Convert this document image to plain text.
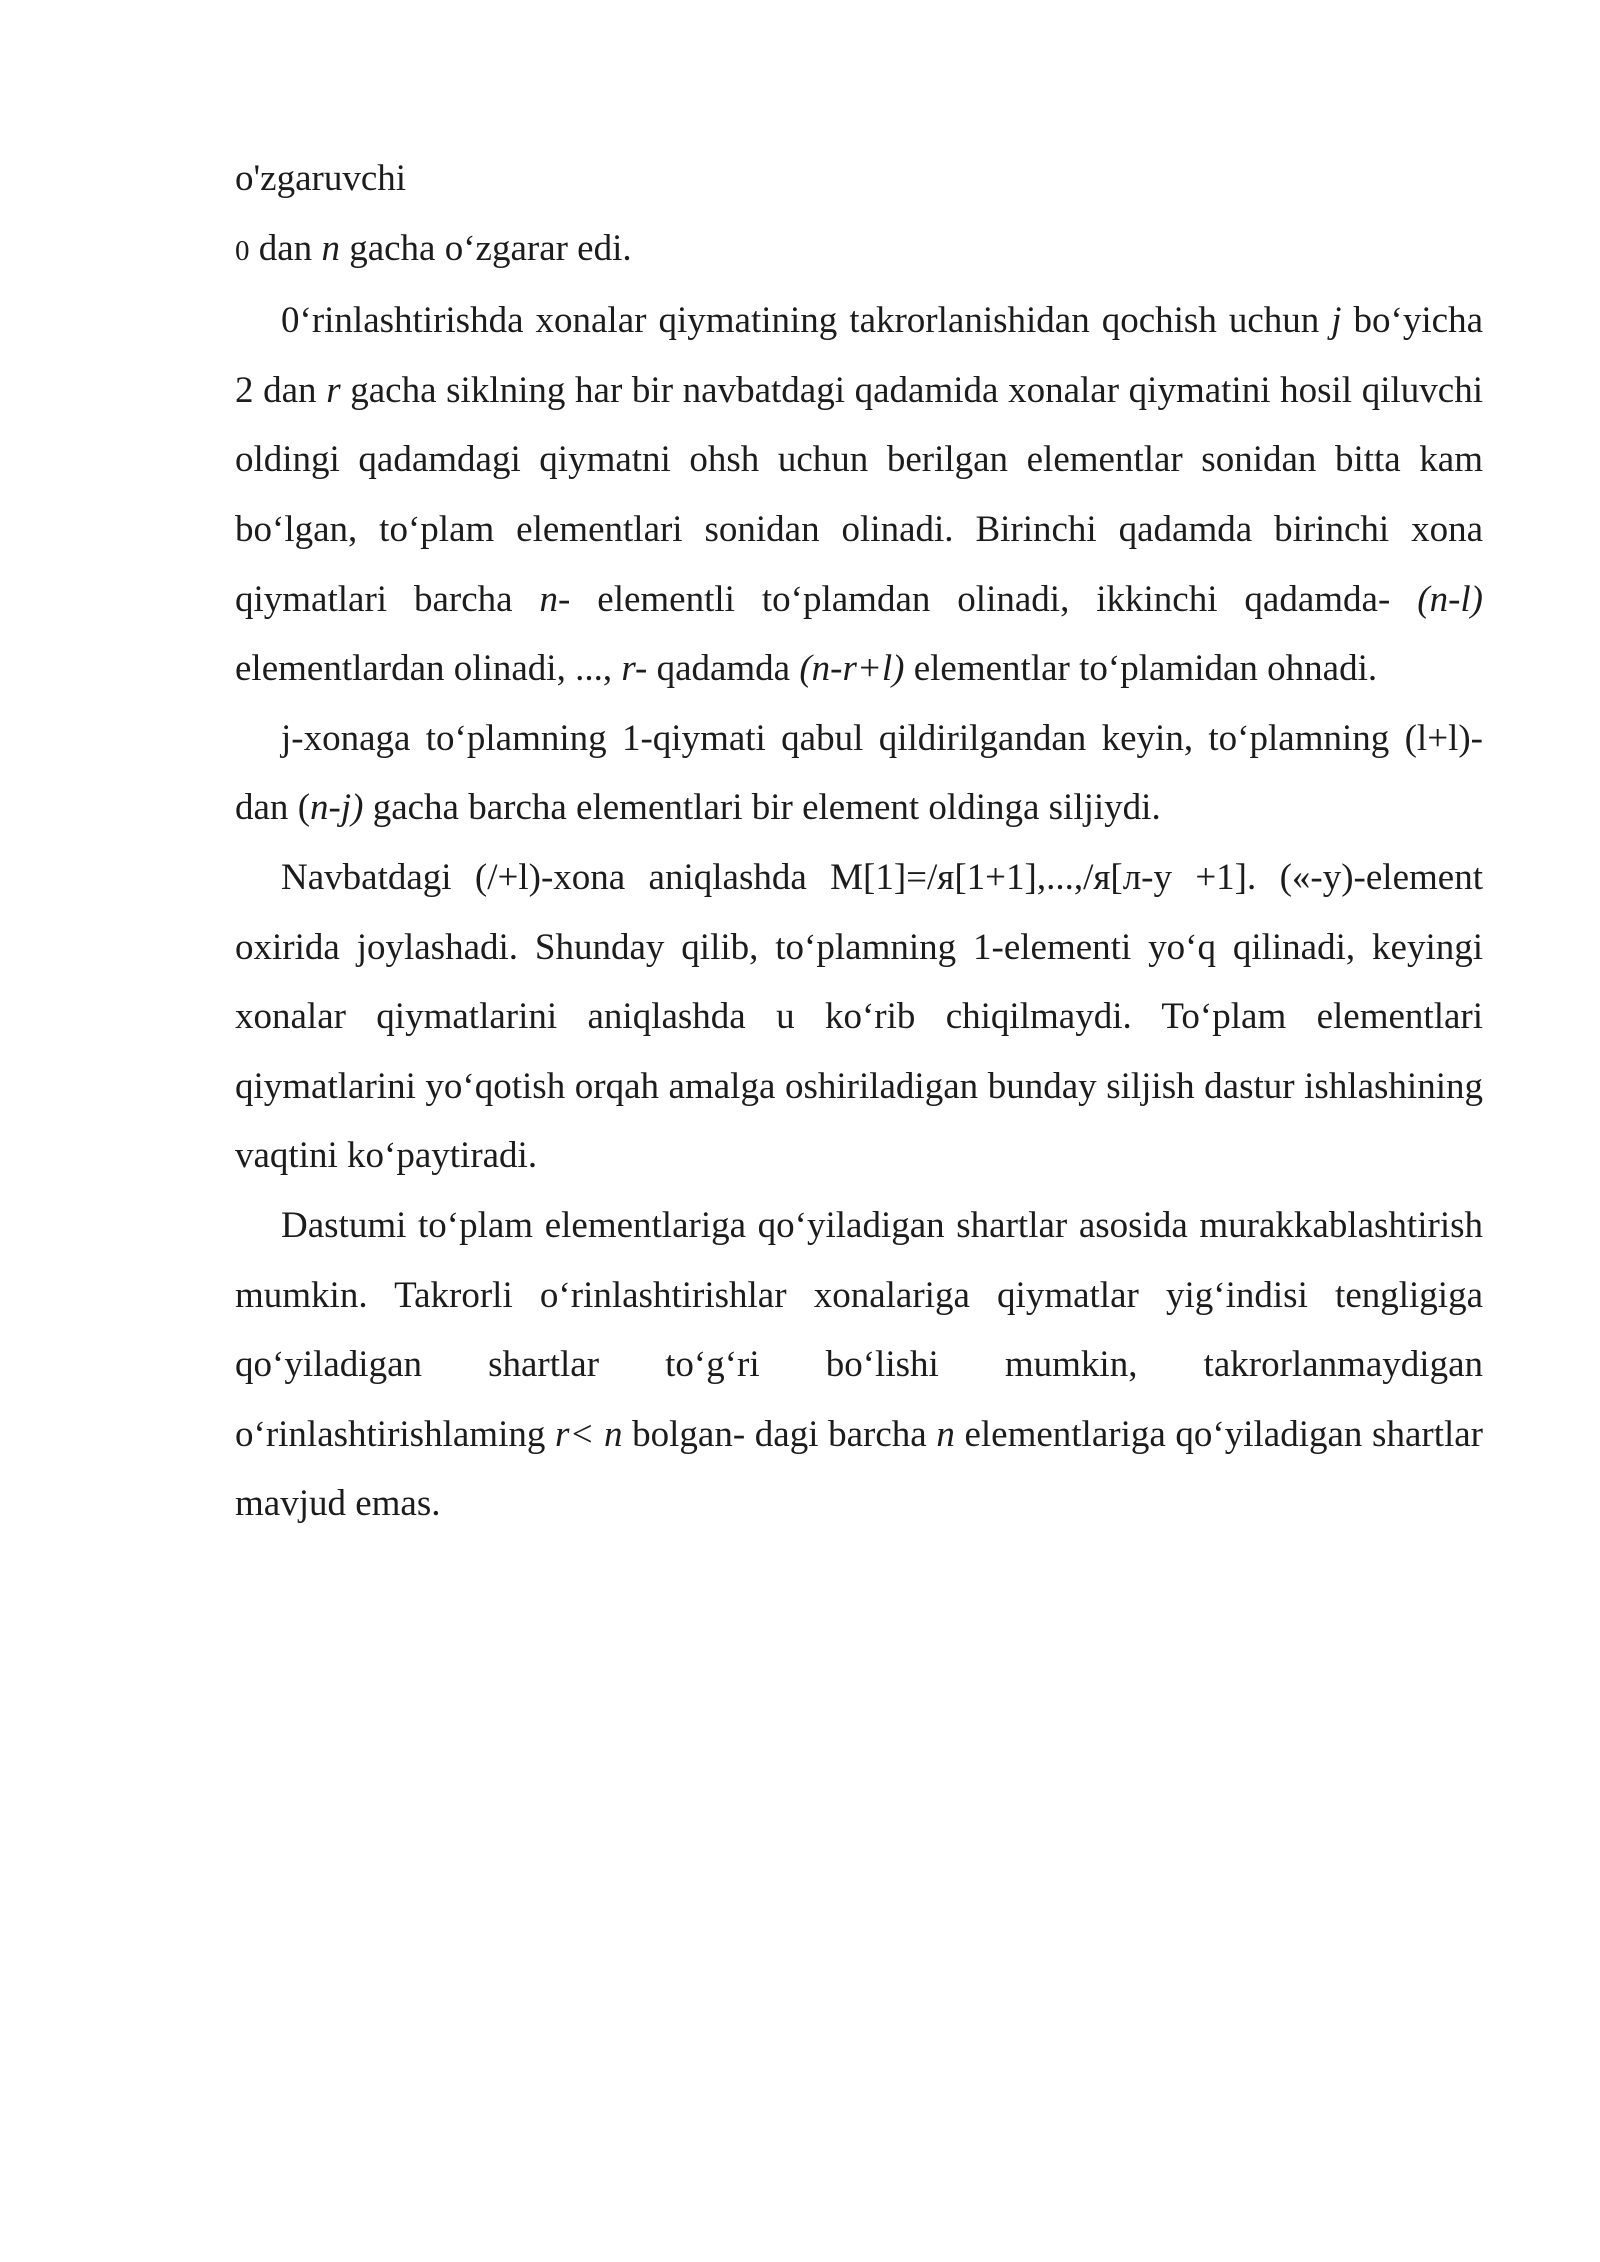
o'zgaruvchi

0 dan n gacha o‘zgarar edi.

0‘rinlashtirishda xonalar qiymatining takrorlanishidan qochish uchun j bo‘yicha 2 dan r gacha siklning har bir navbatdagi qadamida xonalar qiymatini hosil qiluvchi oldingi qadamdagi qiymatni ohsh uchun berilgan elementlar sonidan bitta kam bo‘lgan, to‘plam elementlari sonidan olinadi. Birinchi qadamda birinchi xona qiymatlari barcha n- elementli to‘plamdan olinadi, ikkinchi qadamda- (n-l) elementlardan olinadi, ..., r- qadamda (n-r+l) elementlar to‘plamidan ohnadi.

j-xonaga to‘plamning 1-qiymati qabul qildirilgandan keyin, to‘plamning (l+l)-dan (n-j) gacha barcha elementlari bir element oldinga siljiydi.

Navbatdagi (/+l)-xona aniqlashda M[1]=/я[1+1],...,/я[л-у +1]. («-у)-element oxirida joylashadi. Shunday qilib, to‘plamning 1-elementi yo‘q qilinadi, keyingi xonalar qiymatlarini aniqlashda u ko‘rib chiqilmaydi. To‘plam elementlari qiymatlarini yo‘qotish orqah amalga oshiriladigan bunday siljish dastur ishlashining vaqtini ko‘paytiradi.

Dastumi to‘plam elementlariga qo‘yiladigan shartlar asosida murakkablashtirish mumkin. Takrorli o‘rinlashtirishlar xonalariga qiymatlar yig‘indisi tengligiga qo‘yiladigan shartlar to‘g‘ri bo‘lishi mumkin, takrorlanmaydigan o‘rinlashtirishlaming r< n bolgan- dagi barcha n elementlariga qo‘yiladigan shartlar mavjud emas.
